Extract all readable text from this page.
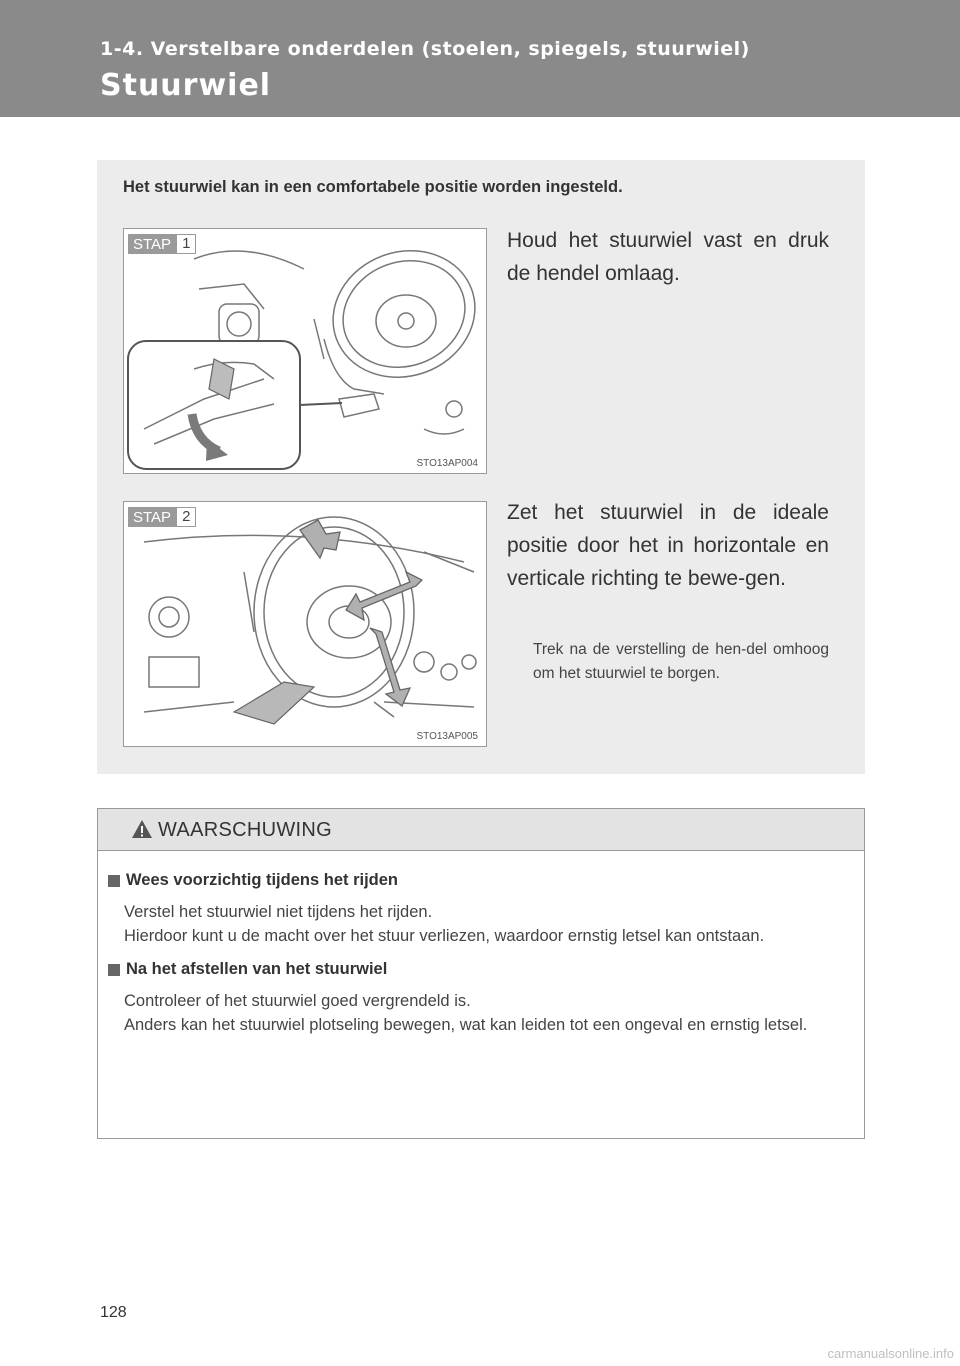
1-4. Verstelbare onderdelen (stoelen, spiegels, stuurwiel)
Stuurwiel
Het stuurwiel kan in een comfortabele positie worden ingesteld.
STAP 1
STO13AP004
Houd het stuurwiel vast en druk de hendel omlaag.
STAP 2
STO13AP005
Zet het stuurwiel in de ideale positie door het in horizontale en verticale richting te bewe-gen.
Trek na de verstelling de hen-del omhoog om het stuurwiel te borgen.
WAARSCHUWING
Wees voorzichtig tijdens het rijden

Verstel het stuurwiel niet tijdens het rijden.

Hierdoor kunt u de macht over het stuur verliezen, waardoor ernstig letsel kan ontstaan.

Na het afstellen van het stuurwiel

Controleer of het stuurwiel goed vergrendeld is.

Anders kan het stuurwiel plotseling bewegen, wat kan leiden tot een ongeval en ernstig letsel.

128
carmanualsonline.info
